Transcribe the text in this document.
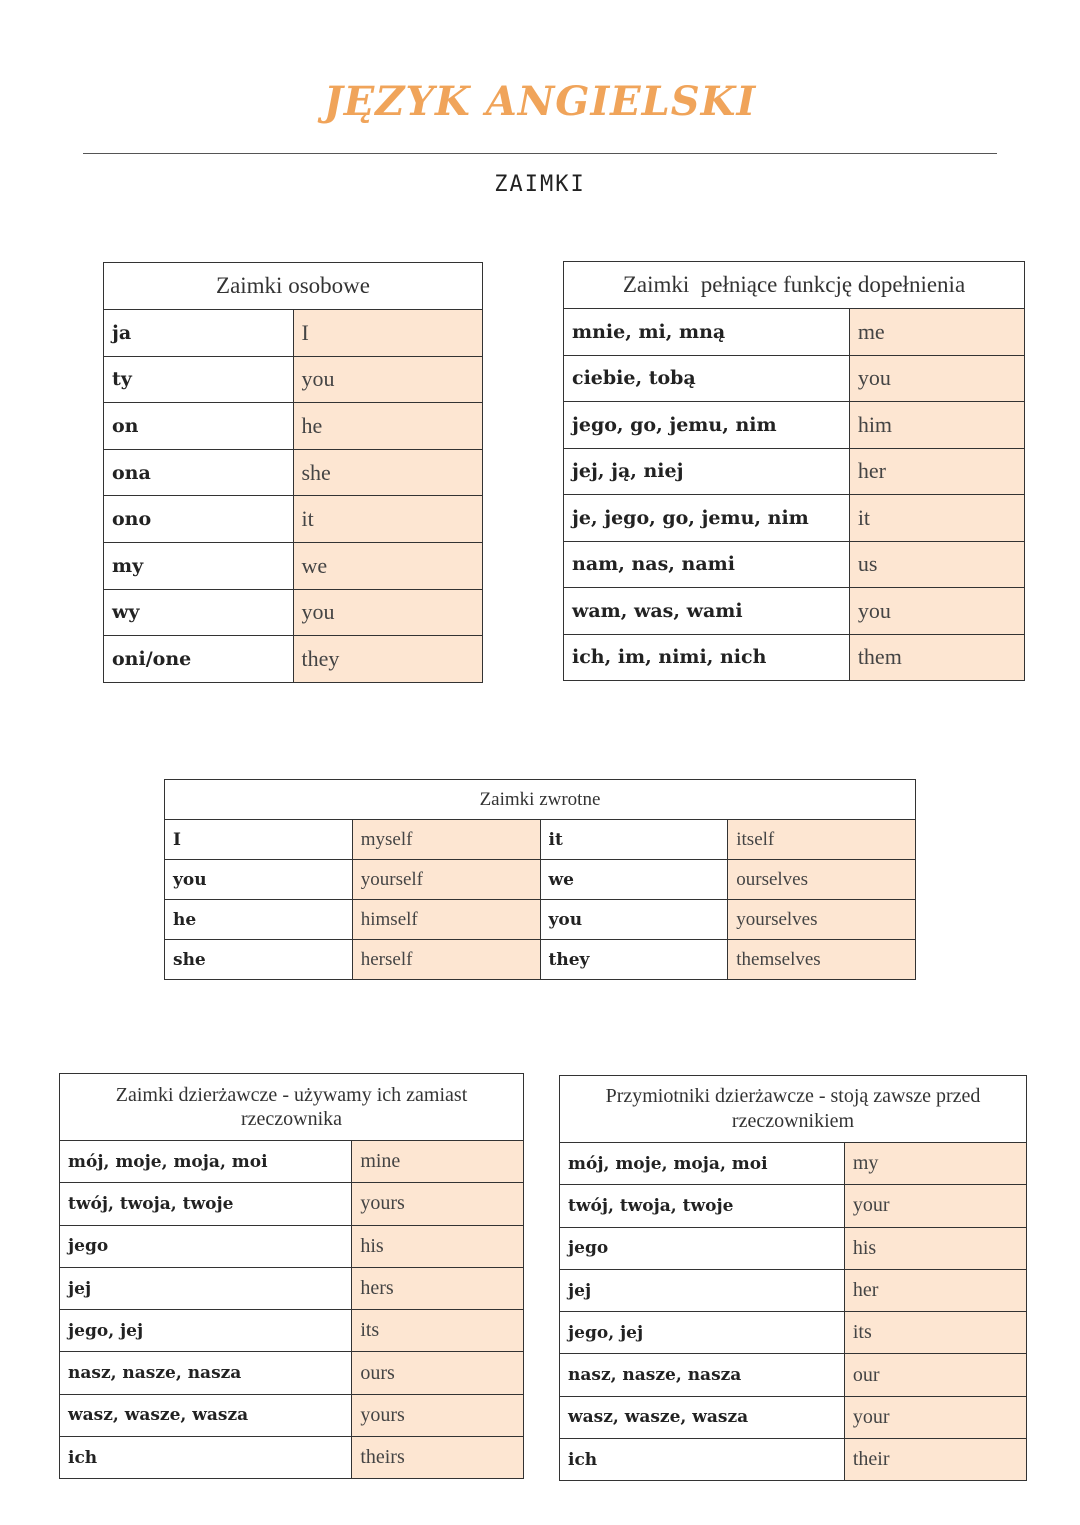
JĘZYK ANGIELSKI
ZAIMKI
Zaimki osobowe	
ja	I
ty	you
on	he
ona	she
ono	it
my	we
wy	you
oni/one	they
Zaimki  pełniące funkcję dopełnienia	
mnie, mi, mną	me
ciebie, tobą	you
jego, go, jemu, nim	him
jej, ją, niej	her
je, jego, go, jemu, nim	it
nam, nas, nami	us
wam, was, wami	you
ich, im, nimi, nich	them
Zaimki zwrotne			
I	myself	it	itself
you	yourself	we	ourselves
he	himself	you	yourselves
she	herself	they	themselves
Zaimki dzierżawcze - używamy ich zamiast rzeczownika	
mój, moje, moja, moi	mine
twój, twoja, twoje	yours
jego	his
jej	hers
jego, jej	its
nasz, nasze, nasza	ours
wasz, wasze, wasza	yours
ich	theirs
Przymiotniki dzierżawcze - stoją zawsze przed rzeczownikiem	
mój, moje, moja, moi	my
twój, twoja, twoje	your
jego	his
jej	her
jego, jej	its
nasz, nasze, nasza	our
wasz, wasze, wasza	your
ich	their
